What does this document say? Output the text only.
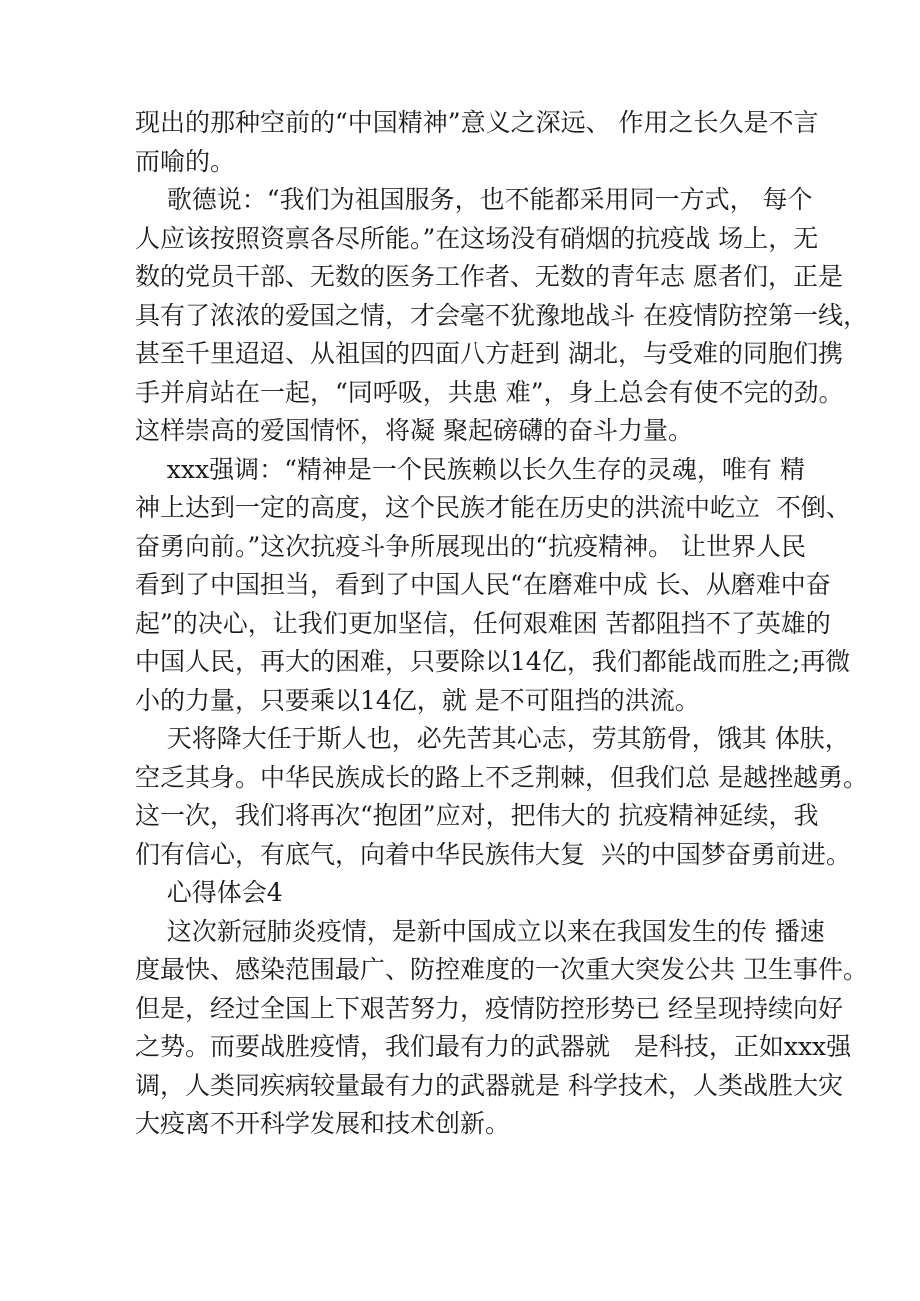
现出的那种空前的“中国精神”意义之深远、 作用之长久是不言
而喻的。
歌德说：“我们为祖国服务，也不能都采用同一方式， 每个
人应该按照资禀各尽所能。”在这场没有硝烟的抗疫战 场上，无
数的党员干部、无数的医务工作者、无数的青年志 愿者们，正是
具有了浓浓的爱国之情，才会毫不犹豫地战斗 在疫情防控第一线，
甚至千里迢迢、从祖国的四面八方赶到 湖北，与受难的同胞们携
手并肩站在一起，“同呼吸，共患 难”，身上总会有使不完的劲。
这样崇高的爱国情怀，将凝 聚起磅礴的奋斗力量。
xxx强调：“精神是一个民族赖以长久生存的灵魂，唯有 精
神上达到一定的高度，这个民族才能在历史的洪流中屹立  不倒、
奋勇向前。”这次抗疫斗争所展现出的“抗疫精神。 让世界人民
看到了中国担当，看到了中国人民“在磨难中成 长、从磨难中奋
起”的决心，让我们更加坚信，任何艰难困 苦都阻挡不了英雄的
中国人民，再大的困难，只要除以14亿，我们都能战而胜之;再微
小的力量，只要乘以14亿，就 是不可阻挡的洪流。
天将降大任于斯人也，必先苦其心志，劳其筋骨，饿其 体肤，
空乏其身。中华民族成长的路上不乏荆棘，但我们总 是越挫越勇。
这一次，我们将再次“抱团”应对，把伟大的 抗疫精神延续，我
们有信心，有底气，向着中华民族伟大复  兴的中国梦奋勇前进。
心得体会4
这次新冠肺炎疫情，是新中国成立以来在我国发生的传 播速
度最快、感染范围最广、防控难度的一次重大突发公共 卫生事件。
但是，经过全国上下艰苦努力，疫情防控形势已 经呈现持续向好
之势。而要战胜疫情，我们最有力的武器就   是科技，正如xxx强
调，人类同疾病较量最有力的武器就是 科学技术，人类战胜大灾
大疫离不开科学发展和技术创新。
